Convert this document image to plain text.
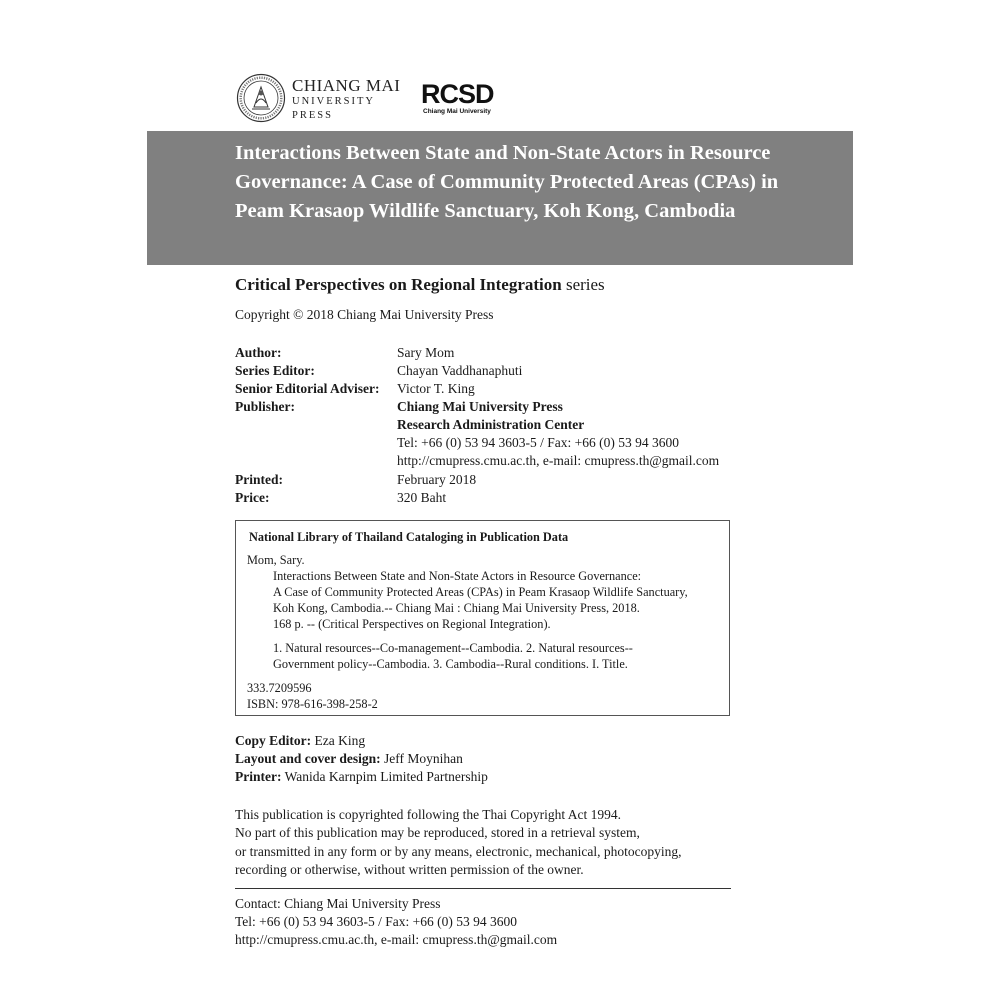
CHIANG MAI
UNIVERSITY PRESS
RCSD
Chiang Mai University
Interactions Between State and Non-State Actors in Resource Governance: A Case of Community Protected Areas (CPAs) in Peam Krasaop Wildlife Sanctuary, Koh Kong, Cambodia
Critical Perspectives on Regional Integration series
Copyright © 2018 Chiang Mai University Press
Author:	Sary Mom
Series Editor:	Chayan Vaddhanaphuti
Senior Editorial Adviser:	Victor T. King
Publisher:	Chiang Mai University Press
Research Administration Center
Tel: +66 (0) 53 94 3603-5 / Fax: +66 (0) 53 94 3600
http://cmupress.cmu.ac.th, e-mail: cmupress.th@gmail.com
Printed:	February 2018
Price:	320 Baht
National Library of Thailand Cataloging in Publication Data
Mom, Sary.
Interactions Between State and Non-State Actors in Resource Governance:
A Case of Community Protected Areas (CPAs) in Peam Krasaop Wildlife Sanctuary,
Koh Kong, Cambodia.-- Chiang Mai : Chiang Mai University Press, 2018.
168 p. -- (Critical Perspectives on Regional Integration).
1. Natural resources--Co-management--Cambodia. 2. Natural resources--
Government policy--Cambodia. 3. Cambodia--Rural conditions. I. Title.
333.7209596
ISBN: 978-616-398-258-2
Copy Editor: Eza King
Layout and cover design: Jeff Moynihan
Printer: Wanida Karnpim Limited Partnership
This publication is copyrighted following the Thai Copyright Act 1994.
No part of this publication may be reproduced, stored in a retrieval system,
or transmitted in any form or by any means, electronic, mechanical, photocopying,
recording or otherwise, without written permission of the owner.
Contact: Chiang Mai University Press
Tel: +66 (0) 53 94 3603-5 / Fax: +66 (0) 53 94 3600
http://cmupress.cmu.ac.th, e-mail: cmupress.th@gmail.com
